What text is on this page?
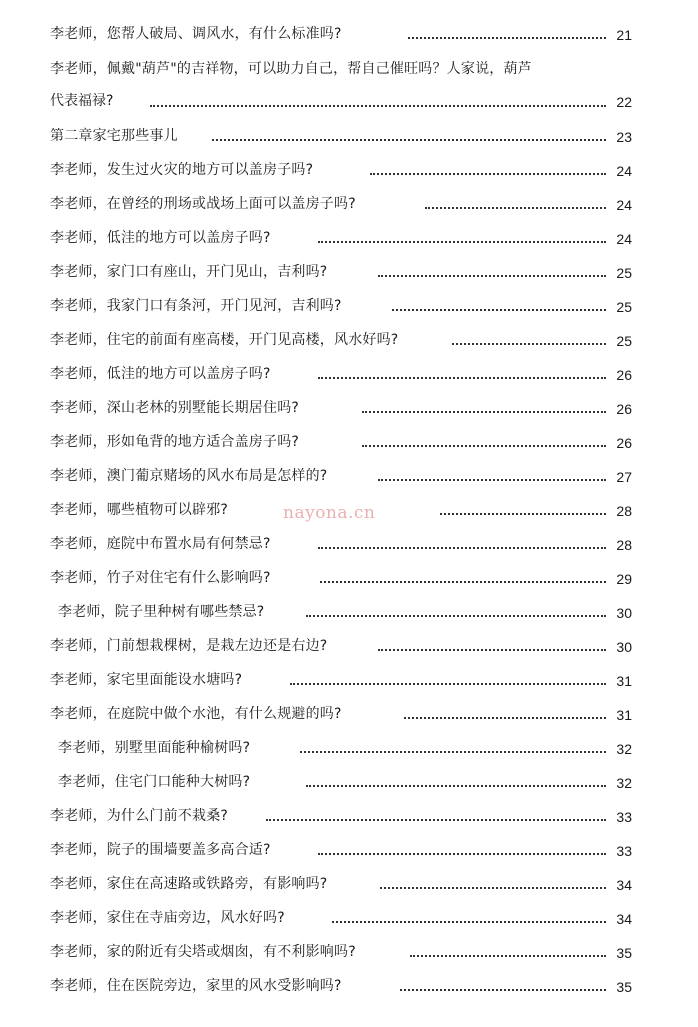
李老师，您帮人破局、调风水，有什么标准吗?	21
李老师，佩戴"葫芦"的吉祥物，可以助力自己，帮自己催旺吗？人家说，葫芦
代表福禄?	22
第二章家宅那些事儿	23
李老师，发生过火灾的地方可以盖房子吗?	24
李老师，在曾经的刑场或战场上面可以盖房子吗?	24
李老师，低洼的地方可以盖房子吗?	24
李老师，家门口有座山，开门见山，吉利吗?	25
李老师，我家门口有条河，开门见河，吉利吗?	25
李老师，住宅的前面有座高楼，开门见高楼，风水好吗?	25
李老师，低洼的地方可以盖房子吗?	26
李老师，深山老林的别墅能长期居住吗?	26
李老师，形如龟背的地方适合盖房子吗?	26
李老师，澳门葡京赌场的风水布局是怎样的?	27
李老师，哪些植物可以辟邪?	28
李老师，庭院中布置水局有何禁忌?	28
李老师，竹子对住宅有什么影响吗?	29
李老师，院子里种树有哪些禁忌?	30
李老师，门前想栽棵树，是栽左边还是右边?	30
李老师，家宅里面能设水塘吗?	31
李老师，在庭院中做个水池，有什么规避的吗?	31
李老师，别墅里面能种榆树吗?	32
李老师，住宅门口能种大树吗?	32
李老师，为什么门前不栽桑?	33
李老师，院子的围墙要盖多高合适?	33
李老师，家住在高速路或铁路旁，有影响吗?	34
李老师，家住在寺庙旁边，风水好吗?	34
李老师，家的附近有尖塔或烟囱，有不利影响吗?	35
李老师，住在医院旁边，家里的风水受影响吗?	35
nayona.cn
